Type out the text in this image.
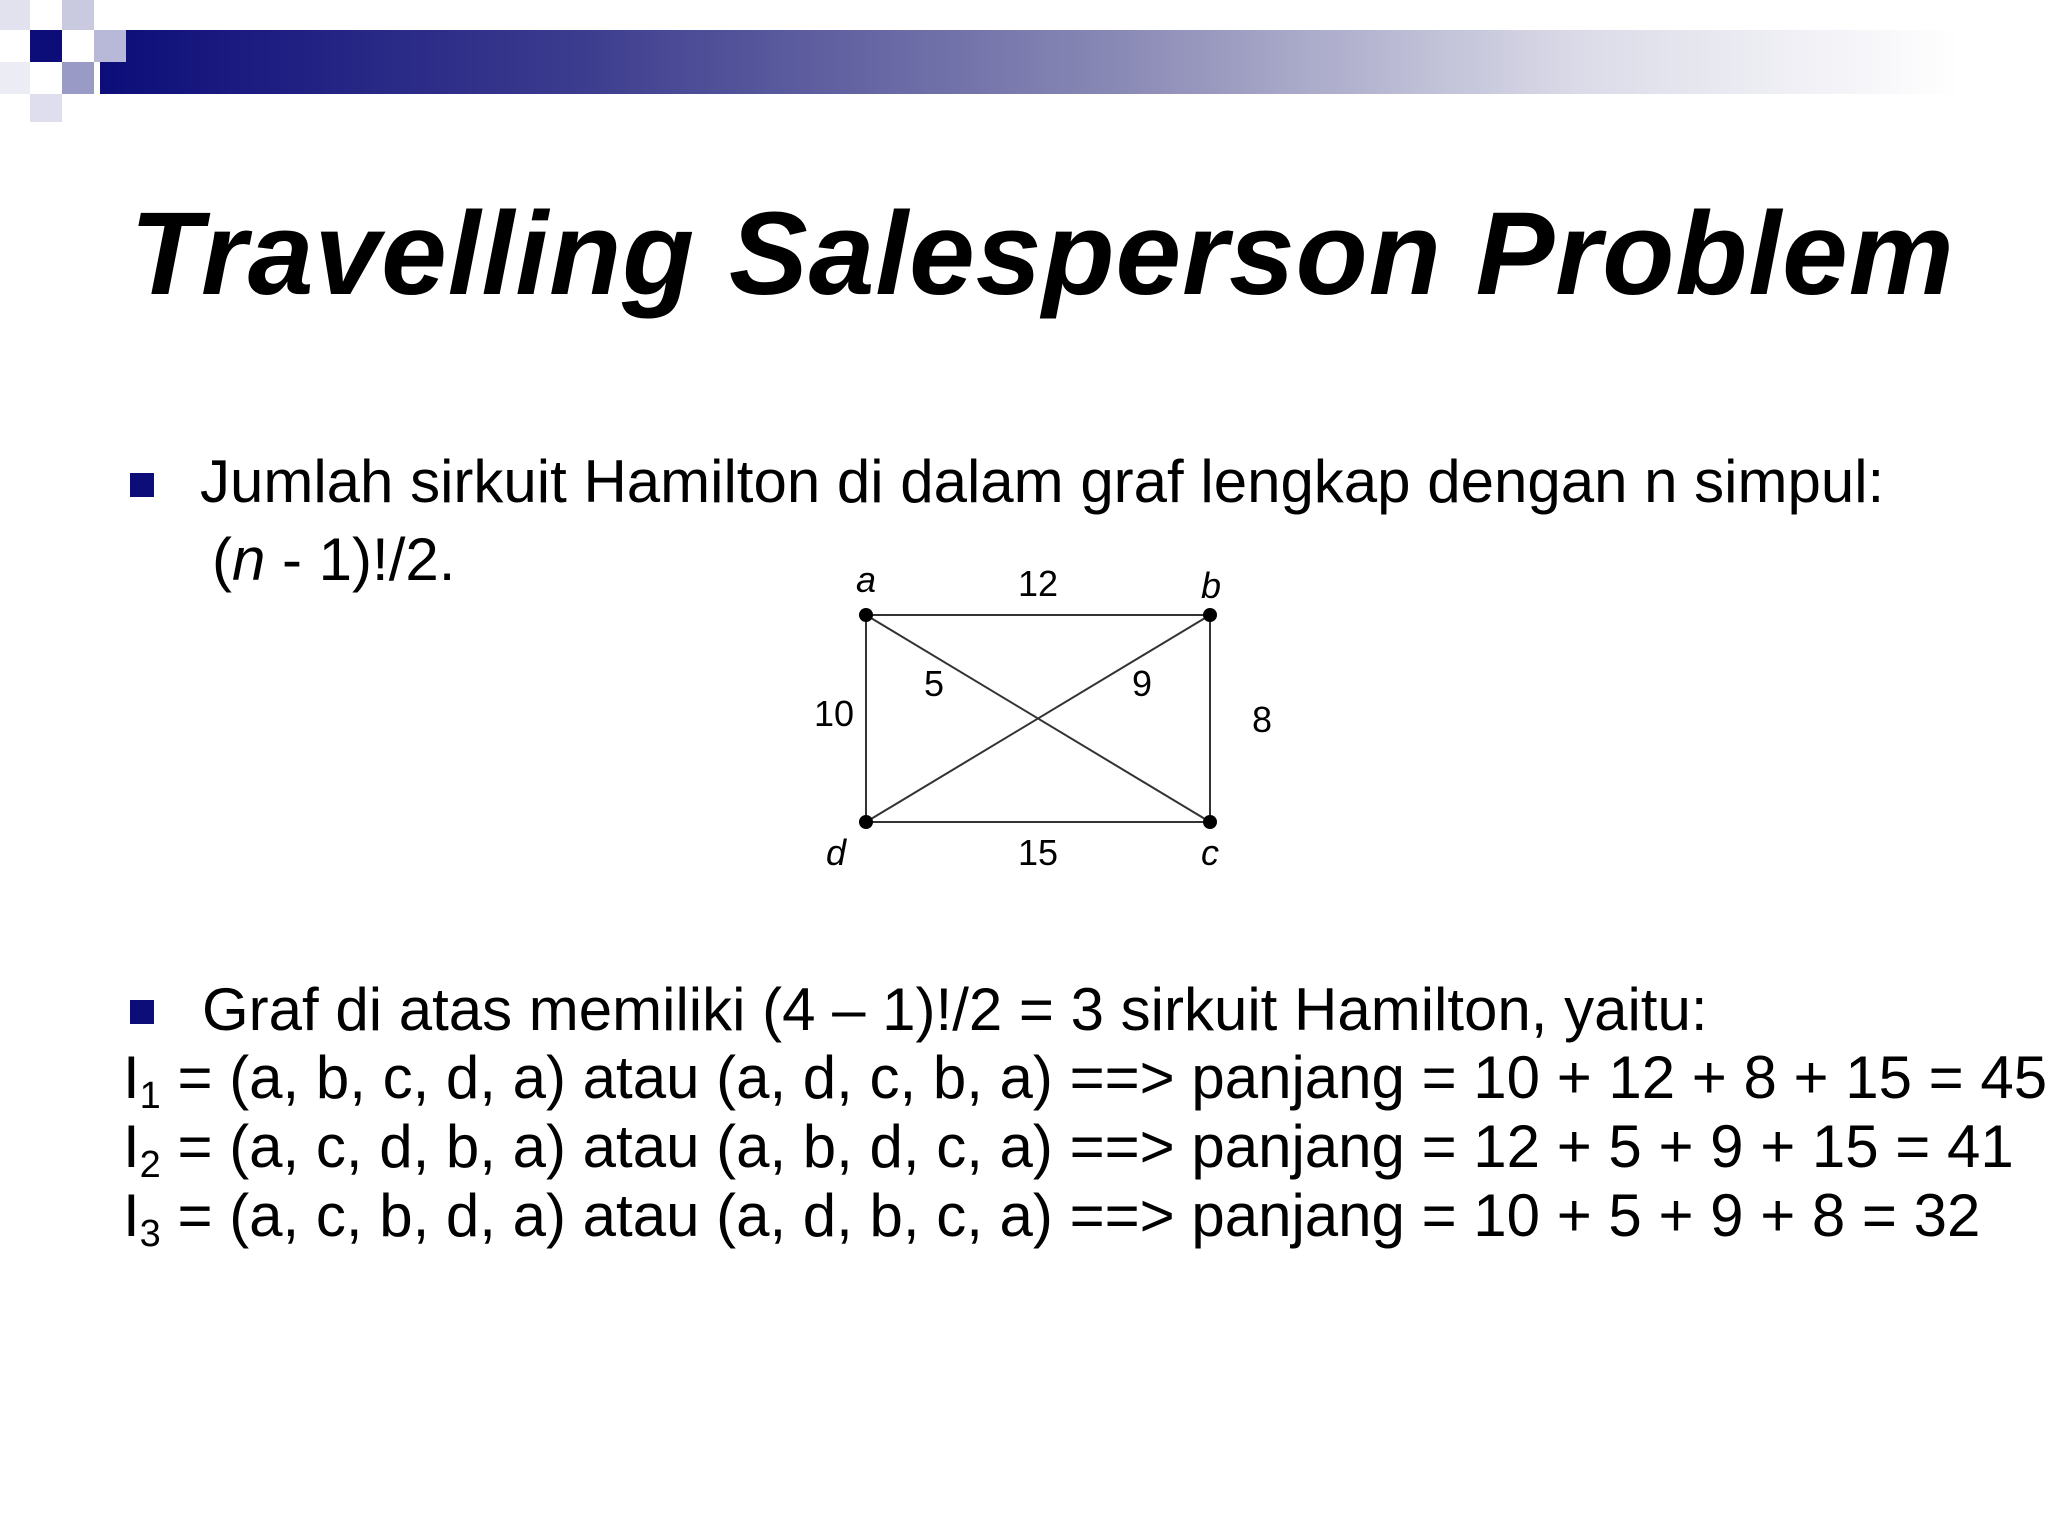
Travelling Salesperson Problem
Jumlah sirkuit Hamilton di dalam graf lengkap dengan n simpul:
(n - 1)!/2.	a	b
c
d
12
5
10	8
9
15
Graf di atas memiliki (4 – 1)!/2 = 3 sirkuit Hamilton, yaitu:
$I_1 = (a$, b, c, d, a) atau (a, d, c, b, a) ==> panjang = 10 + 12 + 8 + 15 = 45
$I_2 = (a$, c, d, b, a) atau (a, b, d, c, a) ==> panjang = 12 + 5 + 9 + 15 = 41
$I_3 = (a$, c, b, d, a) atau (a, d, b, c, a) ==> panjang = 10 + 5 + 9 + 8 = 32
